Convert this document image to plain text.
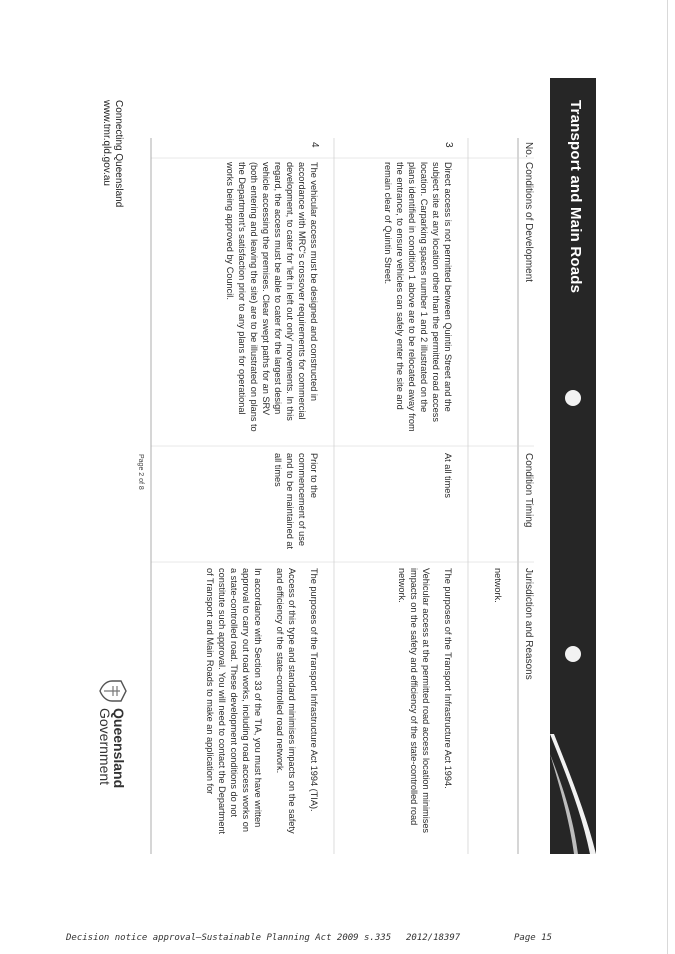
Transport and Main Roads
No.
Conditions of Development
Condition Timing
Jurisdiction and Reasons
network.
3
Direct access is not permitted between Quintin Street and the subject site at any location other than the permitted road access location. Carparking spaces number 1 and 2 illustrated on the plans identified in condition 1 above are to be relocated away from the entrance, to ensure vehicles can safely enter the site and remain clear of Quintin Street.
At all times

The purposes of the Transport Infrastructure Act 1994.

Vehicular access at the permitted road access location minimises impacts on the safety and efficiency of the state-controlled road network.

4
The vehicular access must be designed and constructed in accordance with MRC's crossover requirements for commercial development, to cater for 'left in left out only' movements. In this regard, the access must be able to cater for the largest design vehicle accessing the premises. Clear swept paths for an SRV (both entering and leaving the site) are to be illustrated on plans to the Department's satisfaction prior to any plans for operational works being approved by Council.
Prior to the commencement of use and to be maintained at all times

The purposes of the Transport Infrastructure Act 1994 (TIA).

Access of this type and standard minimises impacts on the safety and efficiency of the state-controlled road network.

In accordance with Section 33 of the TIA, you must have written approval to carry out road works, including road access works on a state-controlled road. These development conditions do not constitute such approval. You will need to contact the Department of Transport and Main Roads to make an application for

Page 2 of 8
Connecting Queensland
www.tmr.qld.gov.au
Queensland
Government
Decision notice approval—Sustainable Planning Act 2009 s.335 2012/18397	Page 15
